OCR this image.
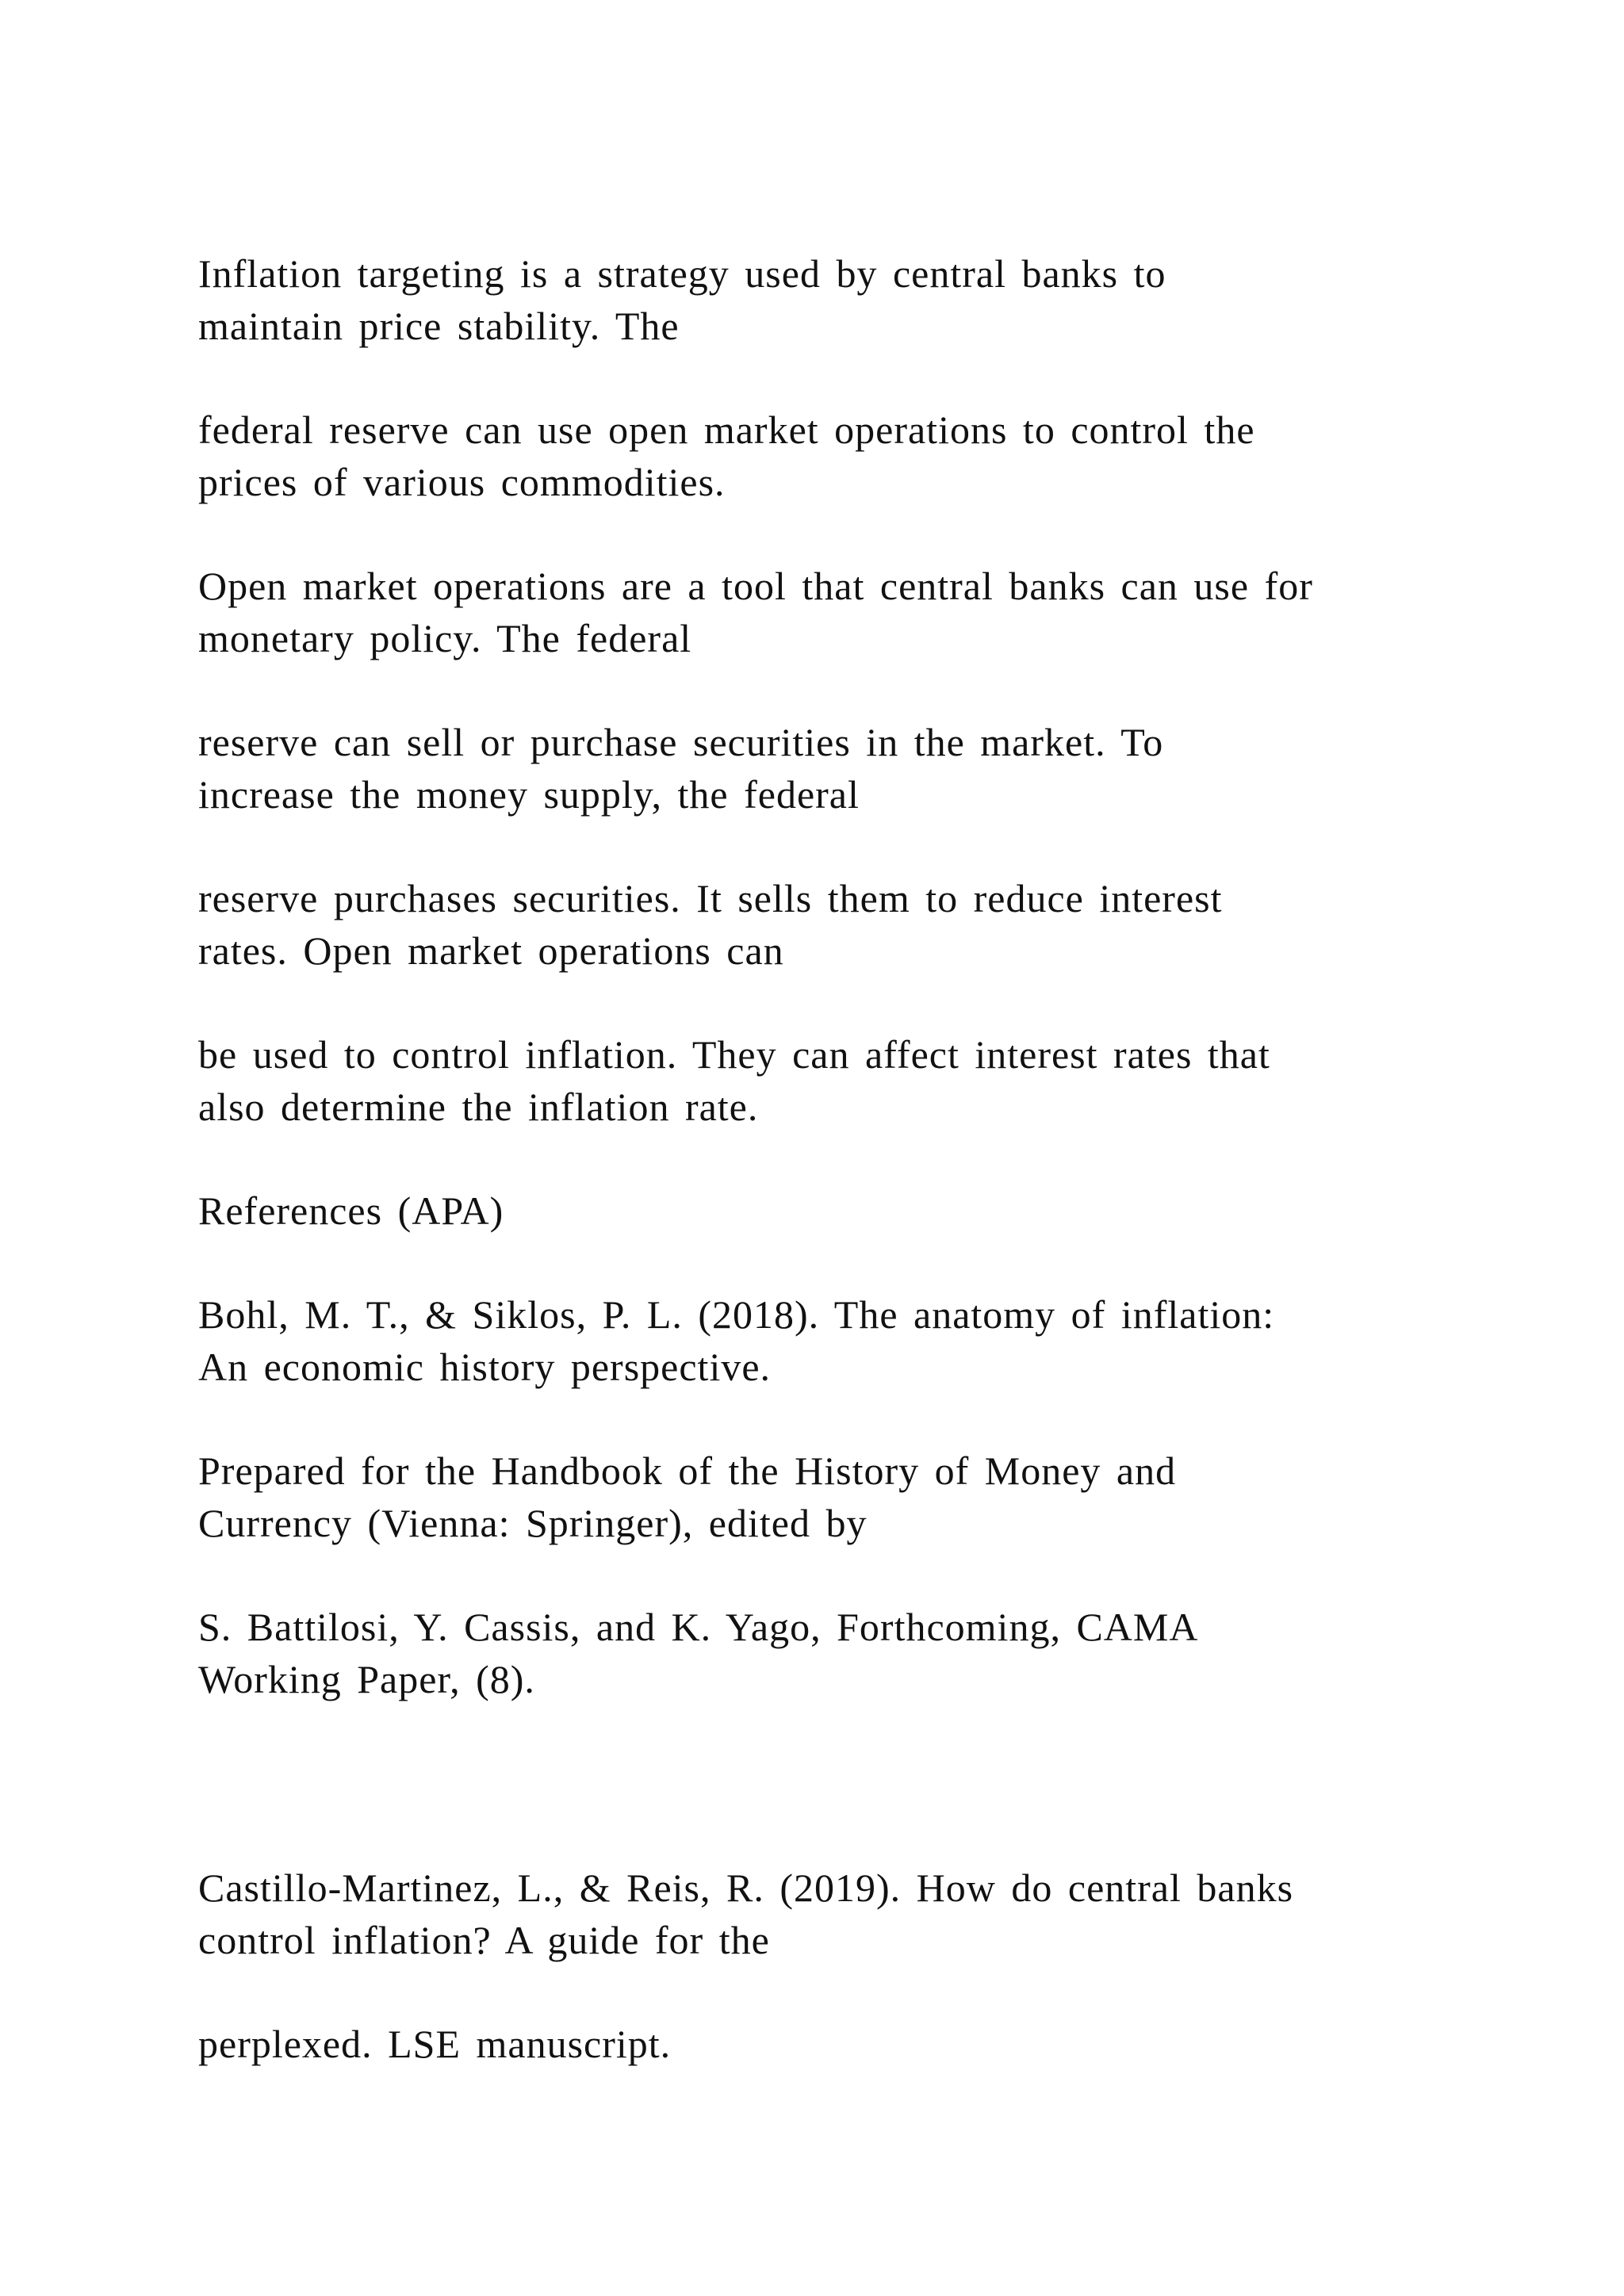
Inflation targeting is a strategy used by central banks to
maintain price stability. The
federal reserve can use open market operations to control the
prices of various commodities.
Open market operations are a tool that central banks can use for
monetary policy. The federal
reserve can sell or purchase securities in the market. To
increase the money supply, the federal
reserve purchases securities. It sells them to reduce interest
rates. Open market operations can
be used to control inflation. They can affect interest rates that
also determine the inflation rate.
References (APA)
Bohl, M. T., & Siklos, P. L. (2018). The anatomy of inflation:
An economic history perspective.
Prepared for the Handbook of the History of Money and
Currency (Vienna: Springer), edited by
S. Battilosi, Y. Cassis, and K. Yago, Forthcoming, CAMA
Working Paper, (8).
Castillo-Martinez, L., & Reis, R. (2019). How do central banks
control inflation? A guide for the
perplexed. LSE manuscript.
